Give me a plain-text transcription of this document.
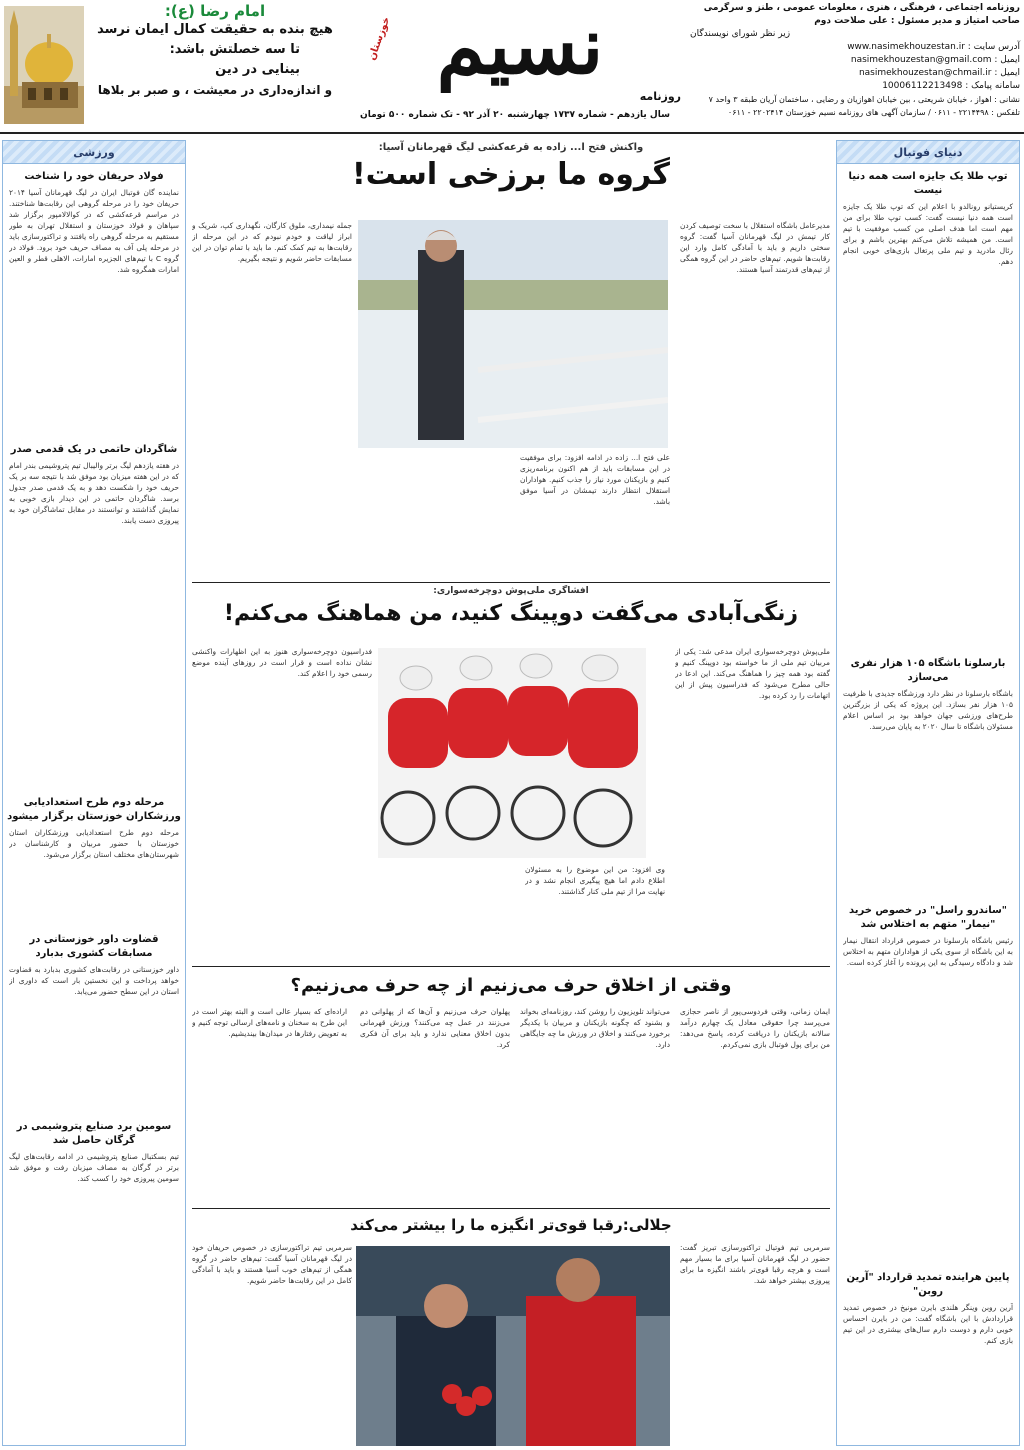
امام رضا (ع):
هیچ بنده به حقیقت کمال ایمان نرسد
تا سه خصلتش باشد:
بینایی در دین
و اندازه‌داری در معیشت ، و صبر بر بلاها	نسیم
خوزستان
روزنامه
سال یازدهم - شماره ۱۷۳۷ چهارشنبه ۲۰ آذر ۹۲ - تک شماره ۵۰۰ تومان
روزنامه اجتماعی ، فرهنگی ، هنری ، معلومات عمومی ، طنز و سرگرمی
صاحب امتیاز و مدیر مسئول : علی صلاحت دوم
زیر نظر شورای نویسندگان
آدرس سایت : www.nasimekhouzestan.ir
ایمیل : nasimekhouzestan@gmail.com
ایمیل : nasimekhouzestan@chmail.ir
سامانه پیامک : 10006112213498
نشانی : اهواز ، خیابان شریعتی ، بین خیابان اهوازیان و رضایی ، ساختمان آریان طبقه ۳ واحد ۷
تلفکس : ۲۲۱۴۴۹۸ - ۰۶۱۱ / سازمان آگهی های روزنامه نسیم خوزستان ۲۲۰۲۴۱۴ - ۰۶۱۱
ورزشی
فولاد حریفان خود را شناخت
نماینده گان فوتبال ایران در لیگ قهرمانان آسیا ۲۰۱۴ حریفان خود را در مرحله گروهی این رقابت‌ها شناختند. در مراسم قرعه‌کشی که در کوالالامپور برگزار شد سپاهان و فولاد خوزستان و استقلال تهران به طور مستقیم به مرحله گروهی راه یافتند و تراکتورسازی باید در مرحله پلی آف به مصاف حریف خود برود. فولاد در گروه C با تیم‌های الجزیره امارات، الاهلی قطر و العین امارات همگروه شد.
شاگردان حاتمی در یک قدمی صدر
در هفته یازدهم لیگ برتر والیبال تیم پتروشیمی بندر امام که در این هفته میزبان بود موفق شد با نتیجه سه بر یک حریف خود را شکست دهد و به یک قدمی صدر جدول برسد. شاگردان حاتمی در این دیدار بازی خوبی به نمایش گذاشتند و توانستند در مقابل تماشاگران خود به پیروزی دست یابند.
مرحله دوم طرح استعدادیابی ورزشکاران خوزستان برگزار میشود
مرحله دوم طرح استعدادیابی ورزشکاران استان خوزستان با حضور مربیان و کارشناسان در شهرستان‌های مختلف استان برگزار می‌شود.
قضاوت داور خوزستانی در مسابقات کشوری بدبارد
داور خوزستانی در رقابت‌های کشوری بدبارد به قضاوت خواهد پرداخت و این نخستین بار است که داوری از استان در این سطح حضور می‌یابد.
سومین برد صنایع پتروشیمی در گرگان حاصل شد
تیم بسکتبال صنایع پتروشیمی در ادامه رقابت‌های لیگ برتر در گرگان به مصاف میزبان رفت و موفق شد سومین پیروزی خود را کسب کند.
دنیای فوتبال
توپ طلا یک جایزه است همه دنیا نیست
کریستیانو رونالدو با اعلام این که توپ طلا یک جایزه است همه دنیا نیست گفت: کسب توپ طلا برای من مهم است اما هدف اصلی من کسب موفقیت با تیم است. من همیشه تلاش می‌کنم بهترین باشم و برای رئال مادرید و تیم ملی پرتغال بازی‌های خوبی انجام دهم.
بارسلونا باشگاه ۱۰۵ هزار نفری می‌سازد
باشگاه بارسلونا در نظر دارد ورزشگاه جدیدی با ظرفیت ۱۰۵ هزار نفر بسازد. این پروژه که یکی از بزرگترین طرح‌های ورزشی جهان خواهد بود بر اساس اعلام مسئولان باشگاه تا سال ۲۰۲۰ به پایان می‌رسد.
"ساندرو راسل" در خصوص خرید "نیمار" متهم به اختلاس شد
رئیس باشگاه بارسلونا در خصوص قرارداد انتقال نیمار به این باشگاه از سوی یکی از هواداران متهم به اختلاس شد و دادگاه رسیدگی به این پرونده را آغاز کرده است.
پایین هراینده تمدید قرارداد "آرین روبن"
آرین روبن وینگر هلندی بایرن مونیخ در خصوص تمدید قراردادش با این باشگاه گفت: من در بایرن احساس خوبی دارم و دوست دارم سال‌های بیشتری در این تیم بازی کنم.
واکنش فتح ا... زاده به قرعه‌کشی لیگ قهرمانان آسیا:
گروه ما برزخی است!
مدیرعامل باشگاه استقلال با سخت توصیف کردن کار تیمش در لیگ قهرمانان آسیا گفت: گروه سختی داریم و باید با آمادگی کامل وارد این رقابت‌ها شویم. تیم‌های حاضر در این گروه همگی از تیم‌های قدرتمند آسیا هستند.
علی فتح ا... زاده در ادامه افزود: برای موفقیت در این مسابقات باید از هم اکنون برنامه‌ریزی کنیم و بازیکنان مورد نیاز را جذب کنیم. هواداران استقلال انتظار دارند تیمشان در آسیا موفق باشد.
جمله نیمداری، ملوق کارگان، نگهداری کپ، شریک و ابراز لیاقت و خودم نبودم که در این مرحله از رقابت‌ها به تیم کمک کنم. ما باید با تمام توان در این مسابقات حاضر شویم و نتیجه بگیریم.
افشاگری ملی‌پوش دوچرخه‌سواری:
زنگی‌آبادی می‌گفت دوپینگ کنید، من هماهنگ می‌کنم!
ملی‌پوش دوچرخه‌سواری ایران مدعی شد: یکی از مربیان تیم ملی از ما خواسته بود دوپینگ کنیم و گفته بود همه چیز را هماهنگ می‌کند. این ادعا در حالی مطرح می‌شود که فدراسیون پیش از این اتهامات را رد کرده بود.
وی افزود: من این موضوع را به مسئولان اطلاع دادم اما هیچ پیگیری انجام نشد و در نهایت مرا از تیم ملی کنار گذاشتند.
فدراسیون دوچرخه‌سواری هنوز به این اظهارات واکنشی نشان نداده است و قرار است در روزهای آینده موضع رسمی خود را اعلام کند.
وقتی از اخلاق حرف می‌زنیم از چه حرف می‌زنیم؟
ایمان زمانی، وقتی فردوسی‌پور از ناصر حجازی می‌پرسد چرا حقوقی معادل یک چهارم درآمد سالانه بازیکنان را دریافت کرده، پاسخ می‌دهد: من برای پول فوتبال بازی نمی‌کردم.
می‌تواند تلویزیون را روشن کند، روزنامه‌ای بخواند و بشنود که چگونه بازیکنان و مربیان با یکدیگر برخورد می‌کنند و اخلاق در ورزش ما چه جایگاهی دارد.
پهلوان حرف می‌زنیم و آن‌ها که از پهلوانی دم می‌زنند در عمل چه می‌کنند؟ ورزش قهرمانی بدون اخلاق معنایی ندارد و باید برای آن فکری کرد.
اراده‌ای که بسیار عالی است و البته بهتر است در این طرح به سخنان و نامه‌های ارسالی توجه کنیم و به تعویض رفتارها در میدان‌ها بیندیشیم.
جلالی:رقبا قوی‌تر انگیزه ما را بیشتر می‌کند
سرمربی تیم فوتبال تراکتورسازی تبریز گفت: حضور در لیگ قهرمانان آسیا برای ما بسیار مهم است و هرچه رقبا قوی‌تر باشند انگیزه ما برای پیروزی بیشتر خواهد شد.
سرمربی تیم تراکتورسازی در خصوص حریفان خود در لیگ قهرمانان آسیا گفت: تیم‌های حاضر در گروه همگی از تیم‌های خوب آسیا هستند و باید با آمادگی کامل در این رقابت‌ها حاضر شویم.
